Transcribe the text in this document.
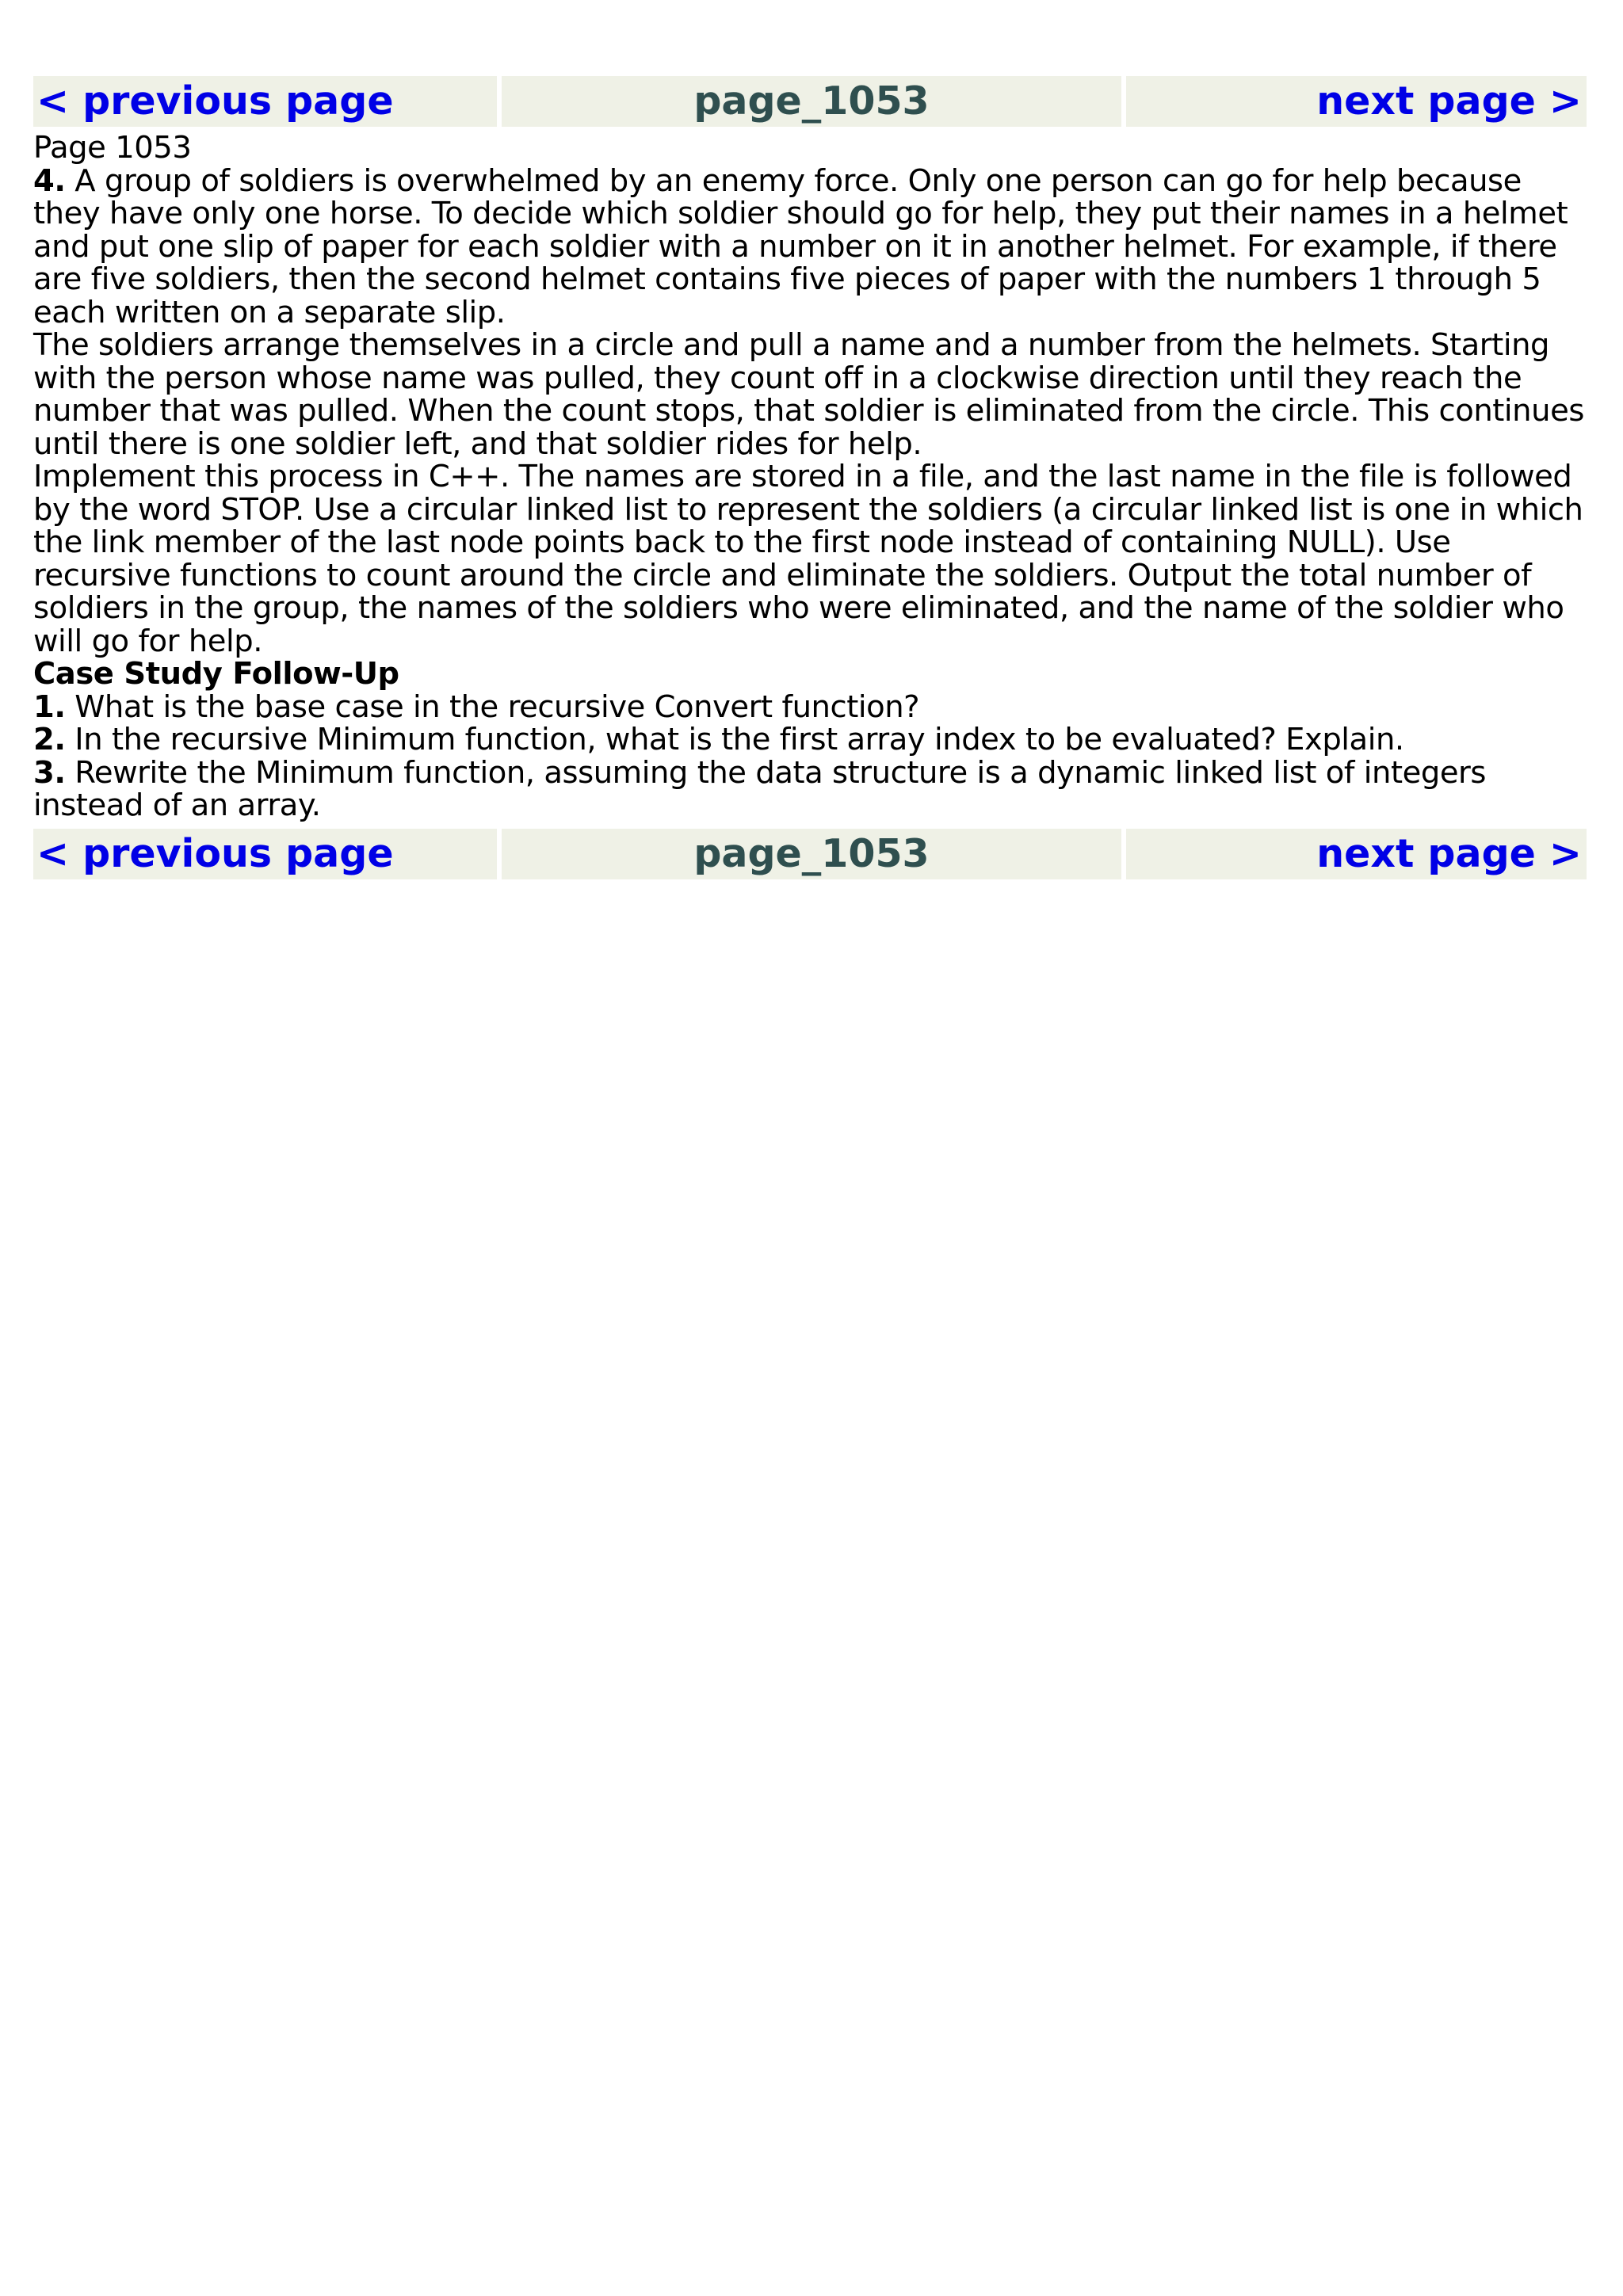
< previous page	page_1053	next page >

Page 1053

4. A group of soldiers is overwhelmed by an enemy force. Only one person can go for help because they have only one horse. To decide which soldier should go for help, they put their names in a helmet and put one slip of paper for each soldier with a number on it in another helmet. For example, if there are five soldiers, then the second helmet contains five pieces of paper with the numbers 1 through 5 each written on a separate slip.

The soldiers arrange themselves in a circle and pull a name and a number from the helmets. Starting with the person whose name was pulled, they count off in a clockwise direction until they reach the number that was pulled. When the count stops, that soldier is eliminated from the circle. This continues until there is one soldier left, and that soldier rides for help.

Implement this process in C++. The names are stored in a file, and the last name in the file is followed by the word STOP. Use a circular linked list to represent the soldiers (a circular linked list is one in which the link member of the last node points back to the first node instead of containing NULL). Use recursive functions to count around the circle and eliminate the soldiers. Output the total number of soldiers in the group, the names of the soldiers who were eliminated, and the name of the soldier who will go for help.

Case Study Follow-Up

1. What is the base case in the recursive Convert function?

2. In the recursive Minimum function, what is the first array index to be evaluated? Explain.

3. Rewrite the Minimum function, assuming the data structure is a dynamic linked list of integers instead of an array.

< previous page	page_1053	next page >
